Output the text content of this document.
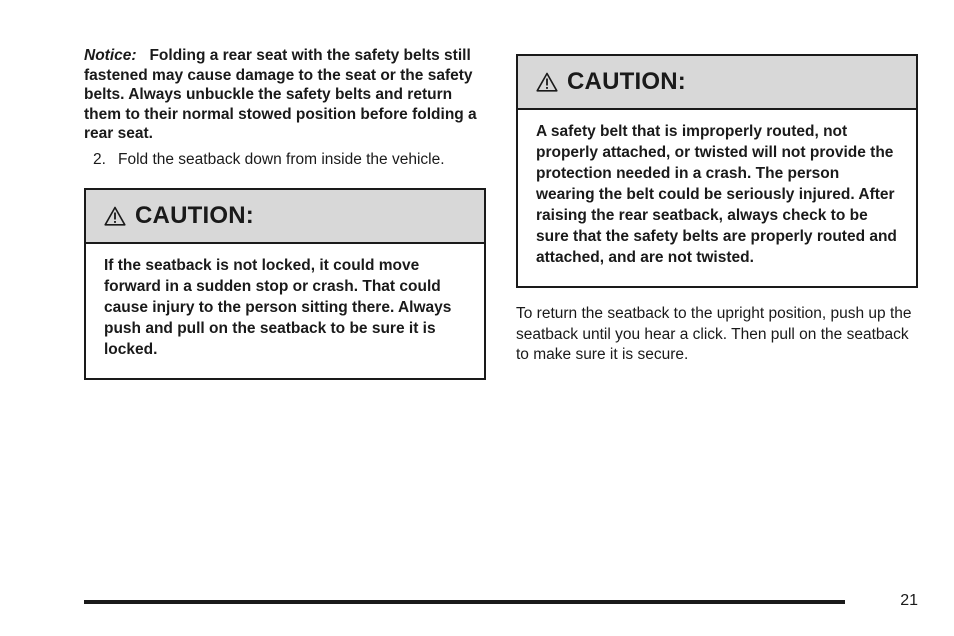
Notice: Folding a rear seat with the safety belts still fastened may cause damage to the seat or the safety belts. Always unbuckle the safety belts and return them to their normal stowed position before folding a rear seat.

2. Fold the seatback down from inside the vehicle.
CAUTION:
If the seatback is not locked, it could move forward in a sudden stop or crash. That could cause injury to the person sitting there. Always push and pull on the seatback to be sure it is locked.
CAUTION:
A safety belt that is improperly routed, not properly attached, or twisted will not provide the protection needed in a crash. The person wearing the belt could be seriously injured. After raising the rear seatback, always check to be sure that the safety belts are properly routed and attached, and are not twisted.

To return the seatback to the upright position, push up the seatback until you hear a click. Then pull on the seatback to make sure it is secure.

21
